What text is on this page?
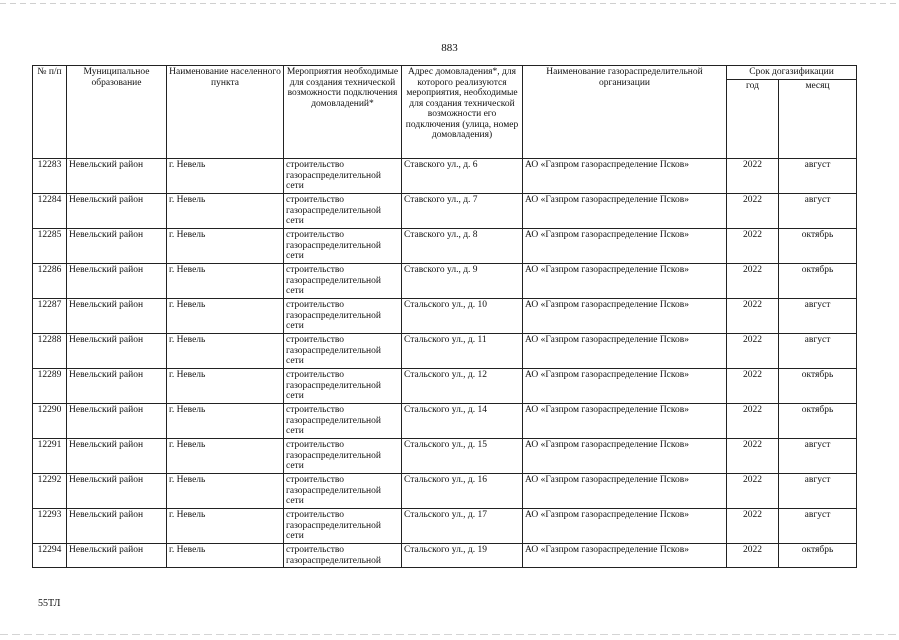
883
№ п/п	Муниципальное образование	Наименование населенного пункта	Мероприятия необходимые для создания технической возможности подключения домовладений*	Адрес домовладения*, для которого реализуются мероприятия, необходимые для создания технической возможности его подключения (улица, номер домовладения)	Наименование газораспределительной организации	Срок догазификации	
						год	месяц
12283	Невельский район	г. Невель	строительство газораспределительной сети	Ставского ул., д. 6	АО «Газпром газораспределение Псков»	2022	август
12284	Невельский район	г. Невель	строительство газораспределительной сети	Ставского ул., д. 7	АО «Газпром газораспределение Псков»	2022	август
12285	Невельский район	г. Невель	строительство газораспределительной сети	Ставского ул., д. 8	АО «Газпром газораспределение Псков»	2022	октябрь
12286	Невельский район	г. Невель	строительство газораспределительной сети	Ставского ул., д. 9	АО «Газпром газораспределение Псков»	2022	октябрь
12287	Невельский район	г. Невель	строительство газораспределительной сети	Стальского ул., д. 10	АО «Газпром газораспределение Псков»	2022	август
12288	Невельский район	г. Невель	строительство газораспределительной сети	Стальского ул., д. 11	АО «Газпром газораспределение Псков»	2022	август
12289	Невельский район	г. Невель	строительство газораспределительной сети	Стальского ул., д. 12	АО «Газпром газораспределение Псков»	2022	октябрь
12290	Невельский район	г. Невель	строительство газораспределительной сети	Стальского ул., д. 14	АО «Газпром газораспределение Псков»	2022	октябрь
12291	Невельский район	г. Невель	строительство газораспределительной сети	Стальского ул., д. 15	АО «Газпром газораспределение Псков»	2022	август
12292	Невельский район	г. Невель	строительство газораспределительной сети	Стальского ул., д. 16	АО «Газпром газораспределение Псков»	2022	август
12293	Невельский район	г. Невель	строительство газораспределительной сети	Стальского ул., д. 17	АО «Газпром газораспределение Псков»	2022	август
12294	Невельский район	г. Невель	строительство газораспределительной	Стальского ул., д. 19	АО «Газпром газораспределение Псков»	2022	октябрь
55ТЛ
